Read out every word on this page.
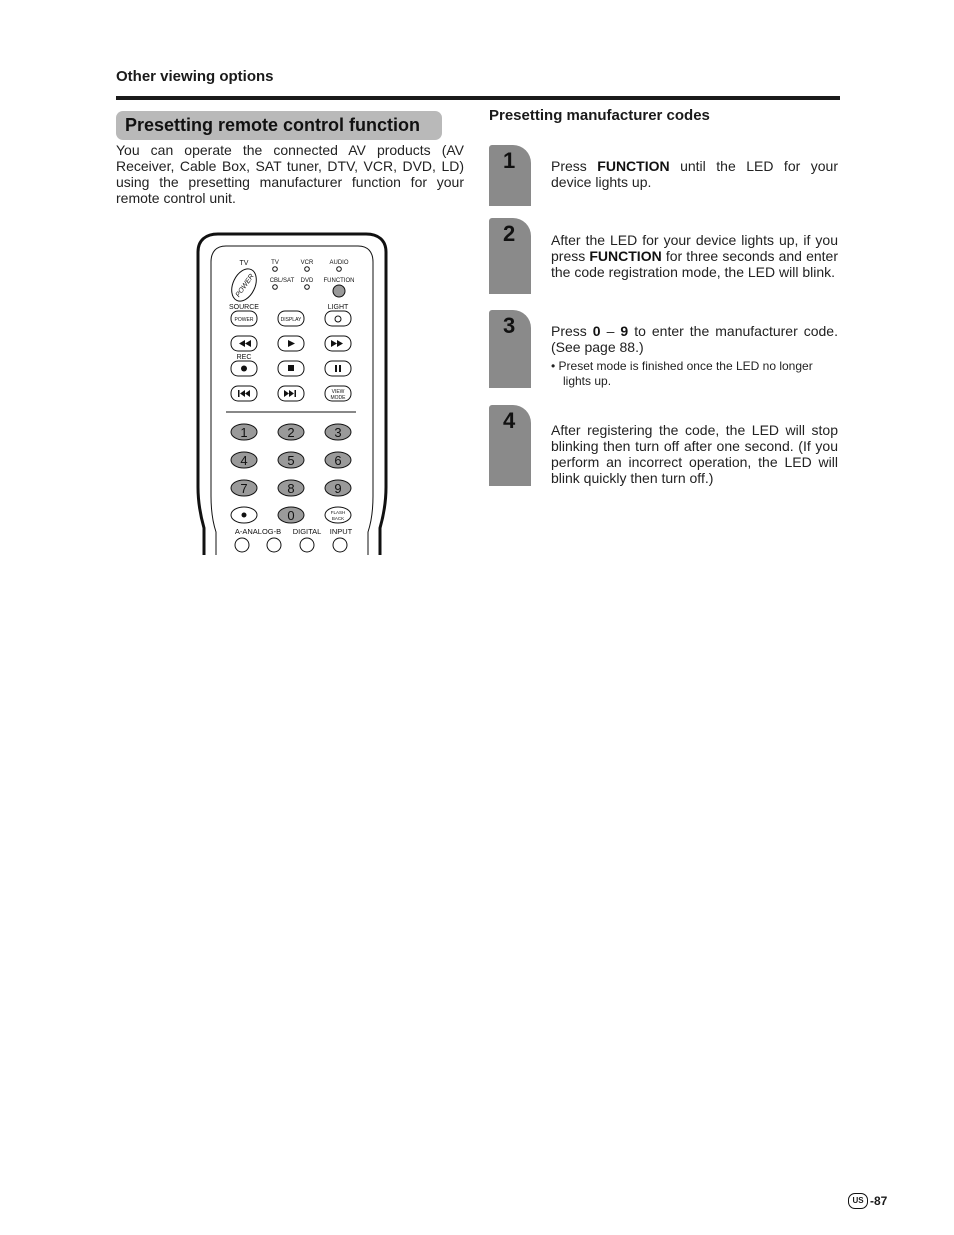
Other viewing options
Presetting remote control function

You can operate the connected AV products (AV Receiver, Cable Box, SAT tuner, DTV, VCR, DVD, LD) using the presetting manufacturer function for your remote control unit.

TV	TV	VCR	AUDIO
CBL/SAT DVD FUNCTION
POWER
SOURCE	LIGHT
POWER	DISPLAY
REC
VIEW
MODE
1	2	3
4	5	6
7	8	9
0	FLASH
BACK
A-ANALOG-B DIGITAL INPUT
Presetting manufacturer codes
1	Press FUNCTION until the LED for your device lights up.
2	After the LED for your device lights up, if you press FUNCTION for three seconds and enter the code registration mode, the LED will blink.
3	Press 0 – 9 to enter the manufacturer code. (See page 88.)
• Preset mode is finished once the LED no longer lights up.
4	After registering the code, the LED will stop blinking then turn off after one second. (If you perform an incorrect operation, the LED will blink quickly then turn off.)
US -87
